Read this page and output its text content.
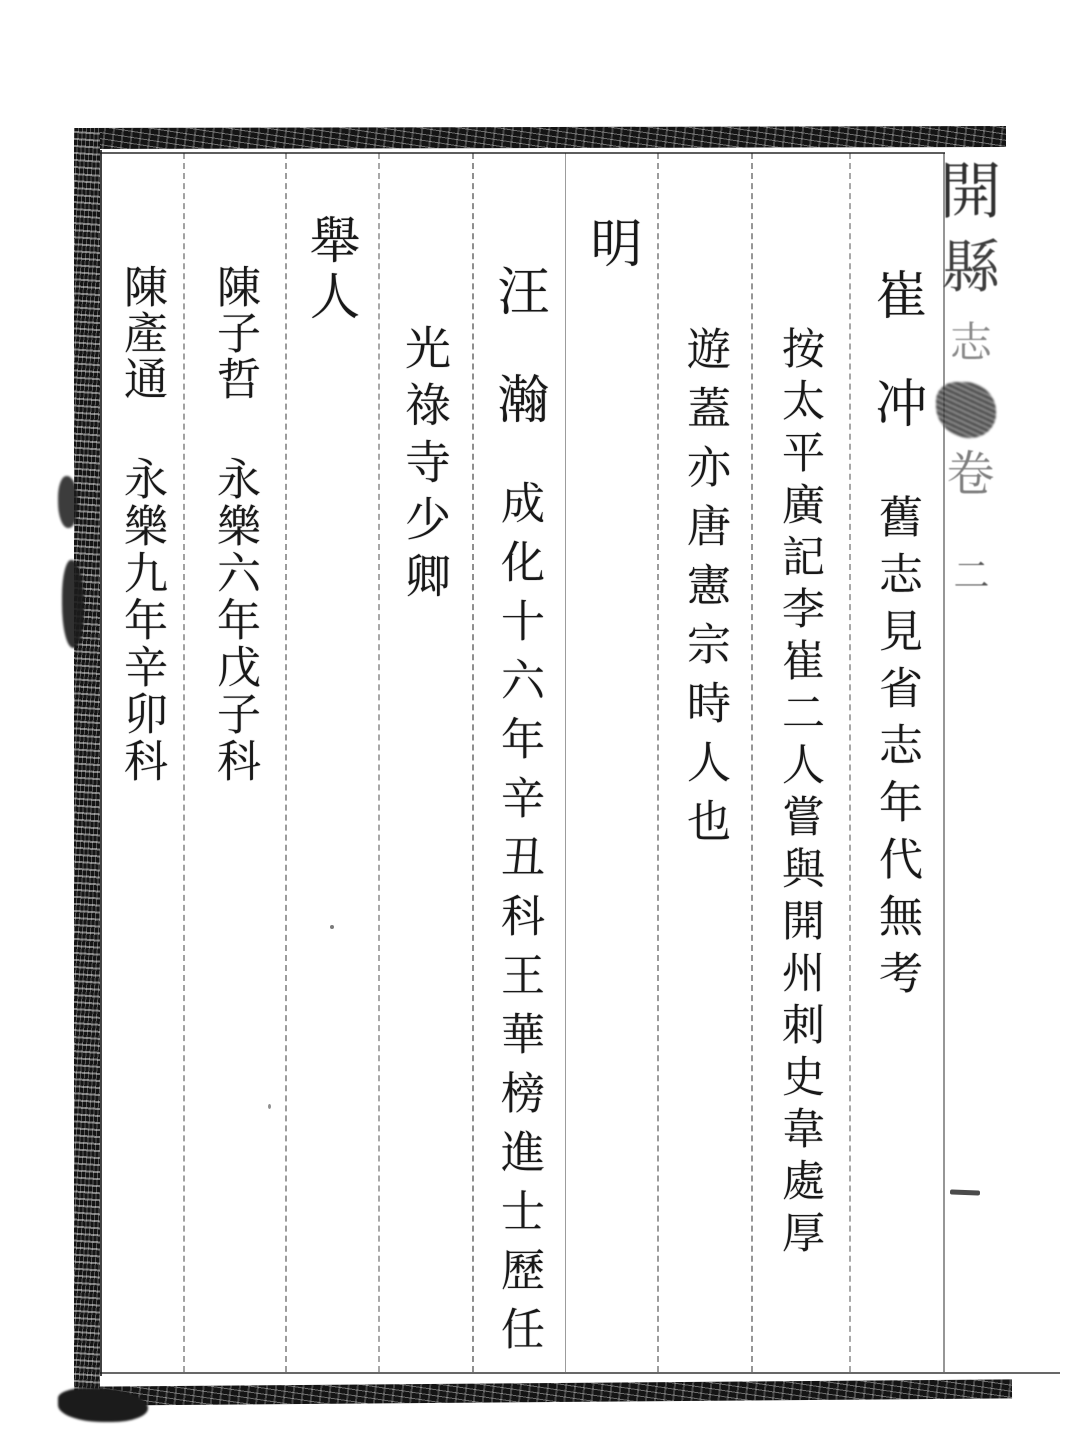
開
縣
志
卷
二
崔冲
舊志見省志年代無考
按太平廣記李崔二人嘗與開州刺史韋處厚
遊蓋亦唐憲宗時人也
明
汪瀚
成化十六年辛丑科王華榜進士歷任
光祿寺少卿
舉人
陳子哲
永樂六年戊子科
陳產通
永樂九年辛卯科
